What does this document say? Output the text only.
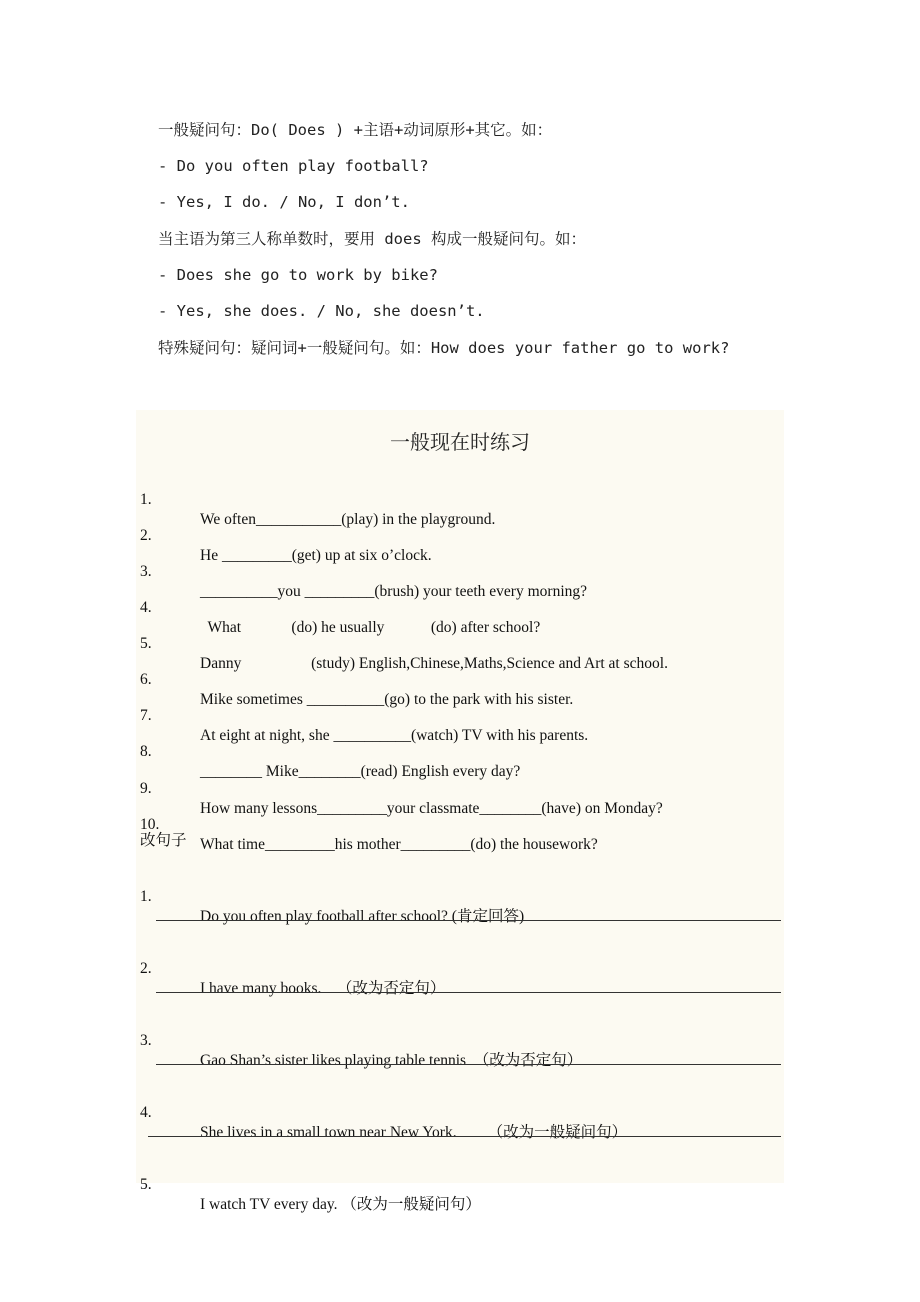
一般疑问句：Do( Does ) +主语+动词原形+其它。如：
- Do you often play football?
- Yes, I do. / No, I don’t.
当主语为第三人称单数时，要用 does 构成一般疑问句。如：
- Does she go to work by bike?
- Yes, she does. / No, she doesn’t.
特殊疑问句：疑问词+一般疑问句。如：How does your father go to work?
一般现在时练习

1.

We often___________(play) in the playground.

2.

He _________(get) up at six o’clock.

3.

__________you _________(brush) your teeth every morning?

4.

What             (do) he usually            (do) after school?

5.

Danny                  (study) English,Chinese,Maths,Science and Art at school.

6.

Mike sometimes __________(go) to the park with his sister.

7.

At eight at night, she __________(watch) TV with his parents.

8.

________ Mike________(read) English every day?

9.

How many lessons_________your classmate________(have) on Monday?

10.

What time_________his mother_________(do) the housework?

改句子

1.

Do you often play football after school? (肯定回答)

2.

I have many books.    （改为否定句）

3.

Gao Shan’s sister likes playing table tennis  （改为否定句）

4.

She lives in a small town near New York.        （改为一般疑问句）

5.

I watch TV every day. （改为一般疑问句）
